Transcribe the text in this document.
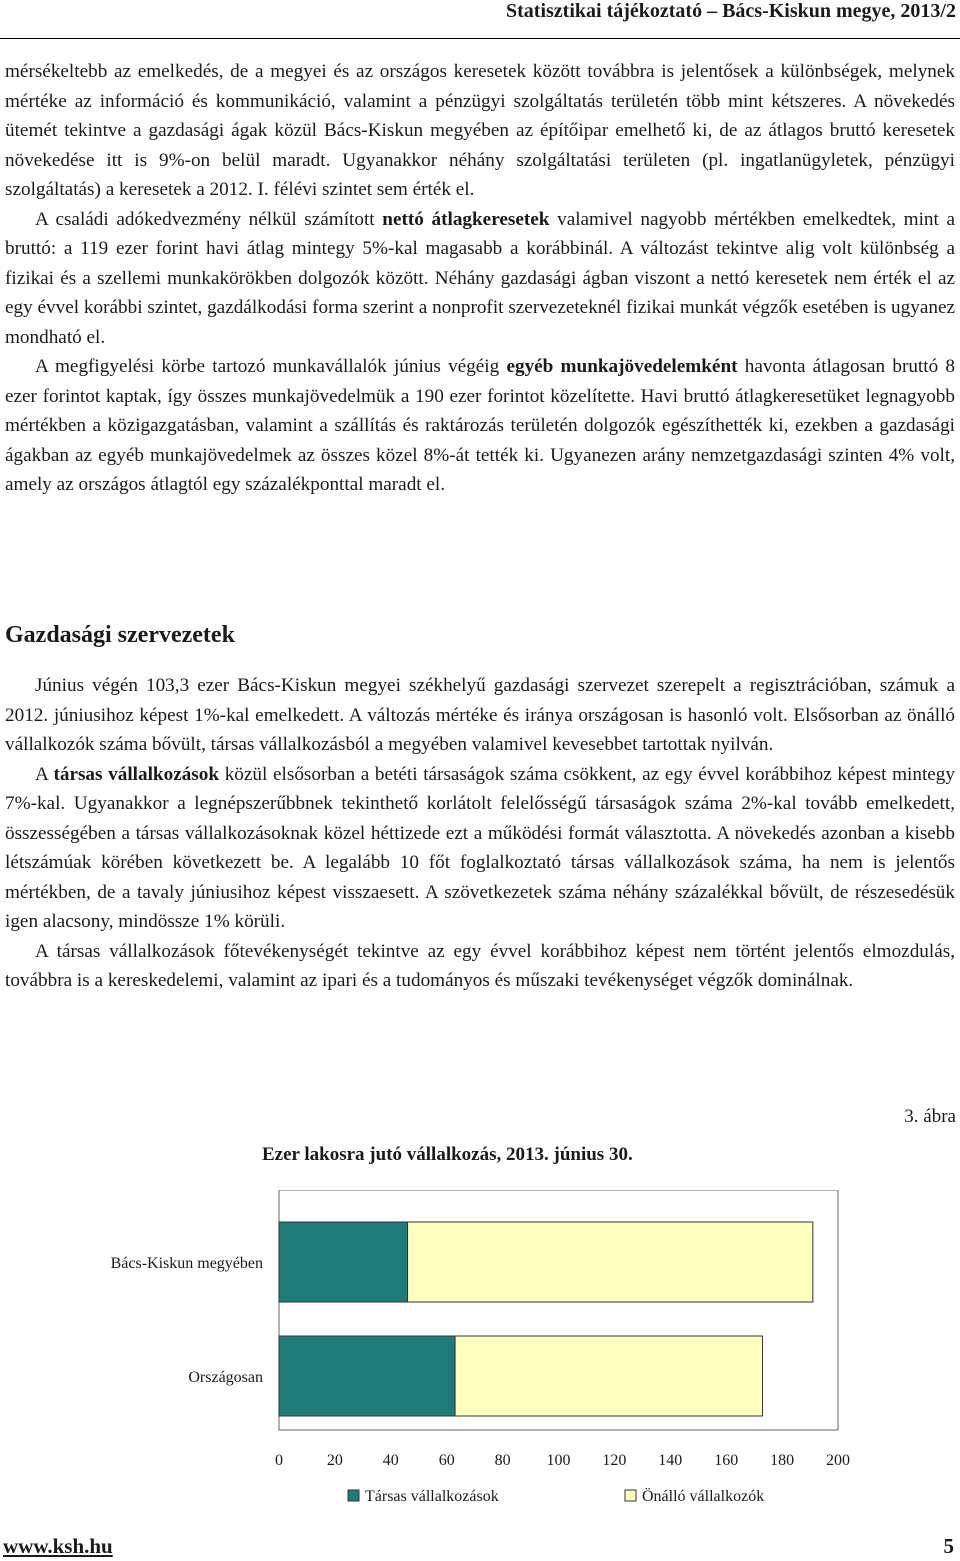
Statisztikai tájékoztató – Bács-Kiskun megye, 2013/2

mérsékeltebb az emelkedés, de a megyei és az országos keresetek között továbbra is jelentősek a különbségek, melynek mértéke az információ és kommunikáció, valamint a pénzügyi szolgáltatás területén több mint kétszeres. A növekedés ütemét tekintve a gazdasági ágak közül Bács-Kiskun megyében az építőipar emelhető ki, de az átlagos bruttó keresetek növekedése itt is 9%-on belül maradt. Ugyanakkor néhány szolgáltatási területen (pl. ingatlanügyletek, pénzügyi szolgáltatás) a keresetek a 2012. I. félévi szintet sem érték el.

A családi adókedvezmény nélkül számított nettó átlagkeresetek valamivel nagyobb mértékben emelkedtek, mint a bruttó: a 119 ezer forint havi átlag mintegy 5%-kal magasabb a korábbinál. A változást tekintve alig volt különbség a fizikai és a szellemi munkakörökben dolgozók között. Néhány gazdasági ágban viszont a nettó keresetek nem érték el az egy évvel korábbi szintet, gazdálkodási forma szerint a nonprofit szervezeteknél fizikai munkát végzők esetében is ugyanez mondható el.

A megfigyelési körbe tartozó munkavállalók június végéig egyéb munkajövedelemként havonta átlagosan bruttó 8 ezer forintot kaptak, így összes munkajövedelmük a 190 ezer forintot közelítette. Havi bruttó átlagkeresetüket legnagyobb mértékben a közigazgatásban, valamint a szállítás és raktározás területén dolgozók egészíthették ki, ezekben a gazdasági ágakban az egyéb munkajövedelmek az összes közel 8%-át tették ki. Ugyanezen arány nemzetgazdasági szinten 4% volt, amely az országos átlagtól egy százalékponttal maradt el.

Gazdasági szervezetek

Június végén 103,3 ezer Bács-Kiskun megyei székhelyű gazdasági szervezet szerepelt a regisztrációban, számuk a 2012. júniusihoz képest 1%-kal emelkedett. A változás mértéke és iránya országosan is hasonló volt. Elsősorban az önálló vállalkozók száma bővült, társas vállalkozásból a megyében valamivel kevesebbet tartottak nyilván.

A társas vállalkozások közül elsősorban a betéti társaságok száma csökkent, az egy évvel korábbihoz képest mintegy 7%-kal. Ugyanakkor a legnépszerűbbnek tekinthető korlátolt felelősségű társaságok száma 2%-kal tovább emelkedett, összességében a társas vállalkozásoknak közel héttizede ezt a működési formát választotta. A növekedés azonban a kisebb létszámúak körében következett be. A legalább 10 főt foglalkoztató társas vállalkozások száma, ha nem is jelentős mértékben, de a tavaly júniusihoz képest visszaesett. A szövetkezetek száma néhány százalékkal bővült, de részesedésük igen alacsony, mindössze 1% körüli.

A társas vállalkozások főtevékenységét tekintve az egy évvel korábbihoz képest nem történt jelentős elmozdulás, továbbra is a kereskedelemi, valamint az ipari és a tudományos és műszaki tevékenységet végzők dominálnak.

3. ábra
Ezer lakosra jutó vállalkozás, 2013. június 30.
Bács-Kiskun megyében
Országosan
0	20 40 60 80 100 120 140 160 180 200
Társas vállalkozások	Önálló vállalkozók
www.ksh.hu	5
